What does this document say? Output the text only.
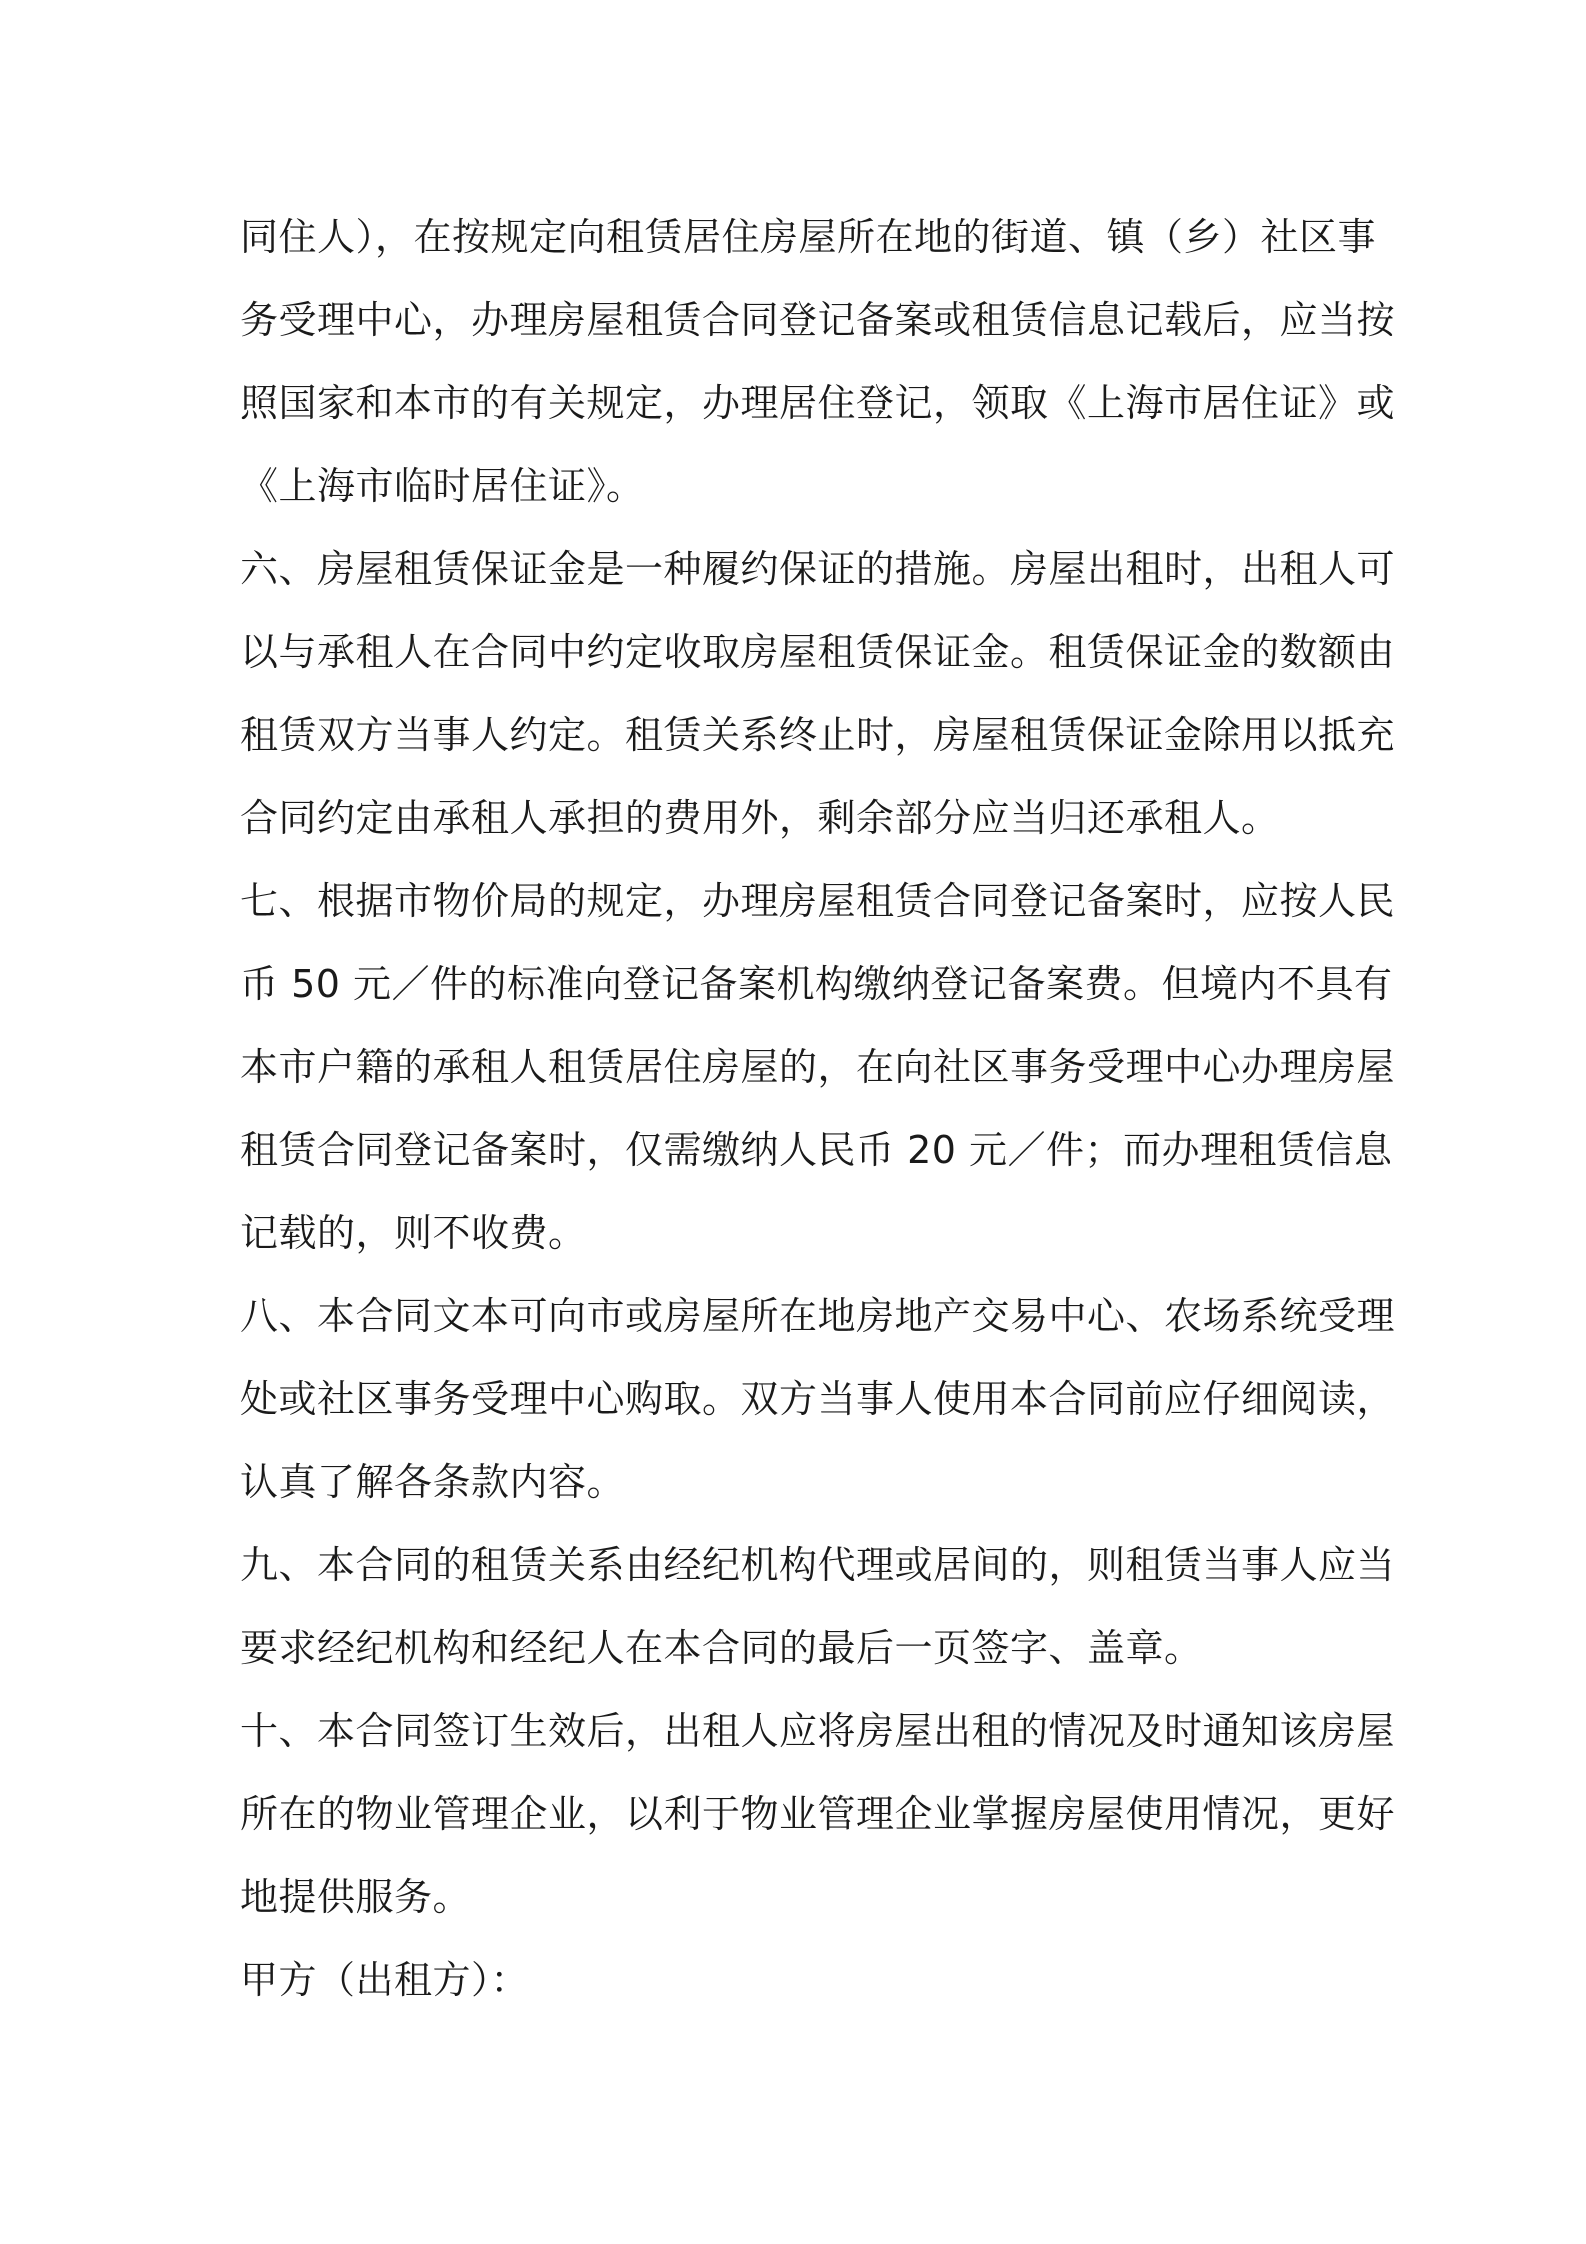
同住人），在按规定向租赁居住房屋所在地的街道、镇（乡）社区事
务受理中心，办理房屋租赁合同登记备案或租赁信息记载后，应当按
照国家和本市的有关规定，办理居住登记，领取《上海市居住证》或
《上海市临时居住证》。
六、房屋租赁保证金是一种履约保证的措施。房屋出租时，出租人可
以与承租人在合同中约定收取房屋租赁保证金。租赁保证金的数额由
租赁双方当事人约定。租赁关系终止时，房屋租赁保证金除用以抵充
合同约定由承租人承担的费用外，剩余部分应当归还承租人。
七、根据市物价局的规定，办理房屋租赁合同登记备案时，应按人民
币 50 元／件的标准向登记备案机构缴纳登记备案费。但境内不具有
本市户籍的承租人租赁居住房屋的，在向社区事务受理中心办理房屋
租赁合同登记备案时，仅需缴纳人民币 20 元／件；而办理租赁信息
记载的，则不收费。
八、本合同文本可向市或房屋所在地房地产交易中心、农场系统受理
处或社区事务受理中心购取。双方当事人使用本合同前应仔细阅读，
认真了解各条款内容。
九、本合同的租赁关系由经纪机构代理或居间的，则租赁当事人应当
要求经纪机构和经纪人在本合同的最后一页签字、盖章。
十、本合同签订生效后，出租人应将房屋出租的情况及时通知该房屋
所在的物业管理企业，以利于物业管理企业掌握房屋使用情况，更好
地提供服务。
甲方（出租方）：
